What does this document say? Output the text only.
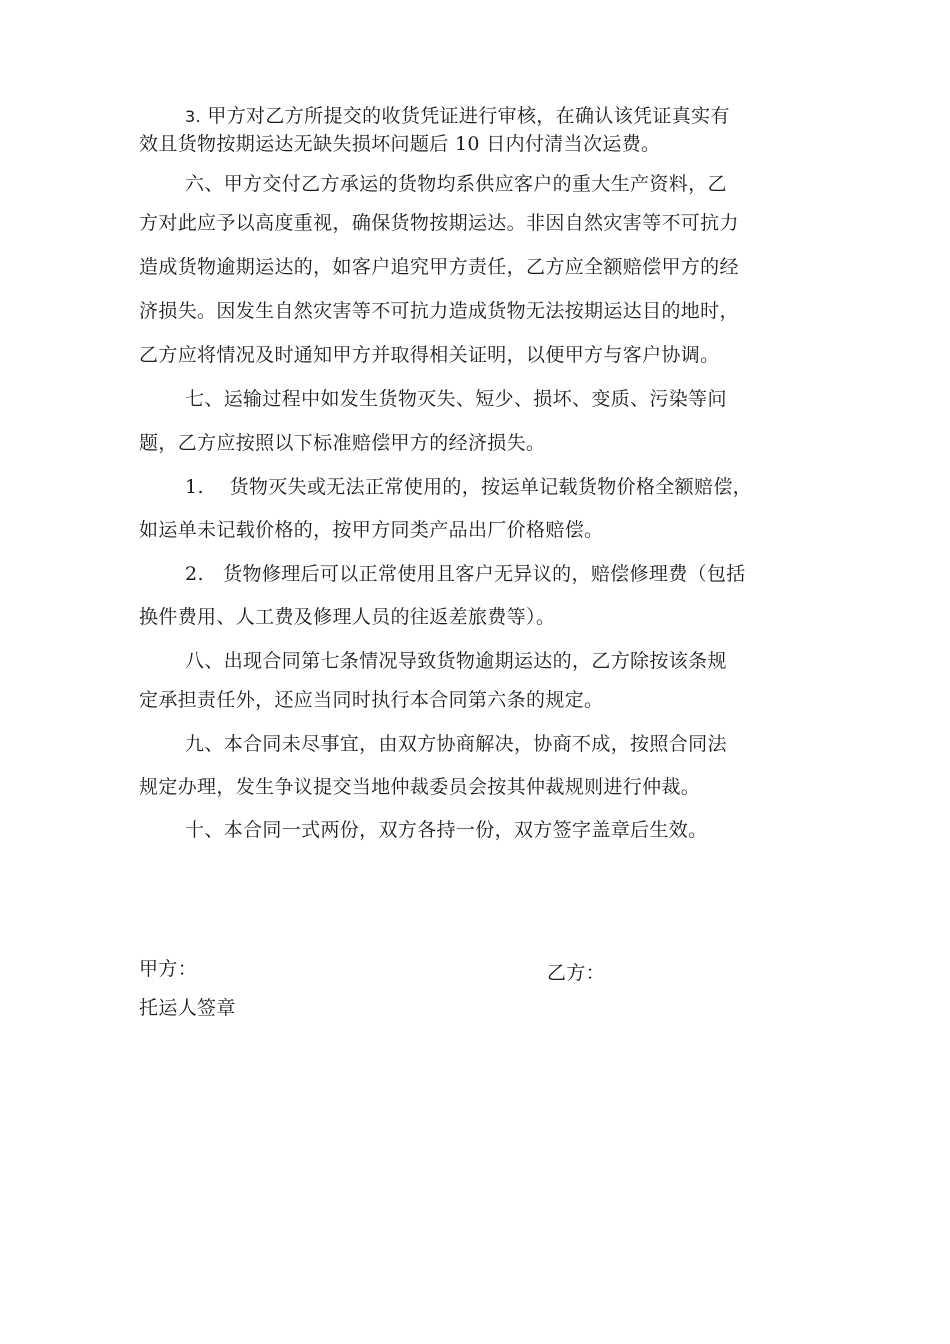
3. 甲方对乙方所提交的收货凭证进行审核，在确认该凭证真实有
效且货物按期运达无缺失损坏问题后 10 日内付清当次运费。
六、甲方交付乙方承运的货物均系供应客户的重大生产资料，乙
方对此应予以高度重视，确保货物按期运达。非因自然灾害等不可抗力
造成货物逾期运达的，如客户追究甲方责任，乙方应全额赔偿甲方的经
济损失。因发生自然灾害等不可抗力造成货物无法按期运达目的地时，
乙方应将情况及时通知甲方并取得相关证明，以便甲方与客户协调。
七、运输过程中如发生货物灭失、短少、损坏、变质、污染等问
题，乙方应按照以下标准赔偿甲方的经济损失。
1.　 货物灭失或无法正常使用的，按运单记载货物价格全额赔偿，
如运单未记载价格的，按甲方同类产品出厂价格赔偿。
2.　货物修理后可以正常使用且客户无异议的，赔偿修理费（包括
换件费用、人工费及修理人员的往返差旅费等）。
八、出现合同第七条情况导致货物逾期运达的，乙方除按该条规
定承担责任外，还应当同时执行本合同第六条的规定。
九、本合同未尽事宜，由双方协商解决，协商不成，按照合同法
规定办理，发生争议提交当地仲裁委员会按其仲裁规则进行仲裁。
十、本合同一式两份，双方各持一份，双方签字盖章后生效。
甲方：	乙方：
托运人签章
